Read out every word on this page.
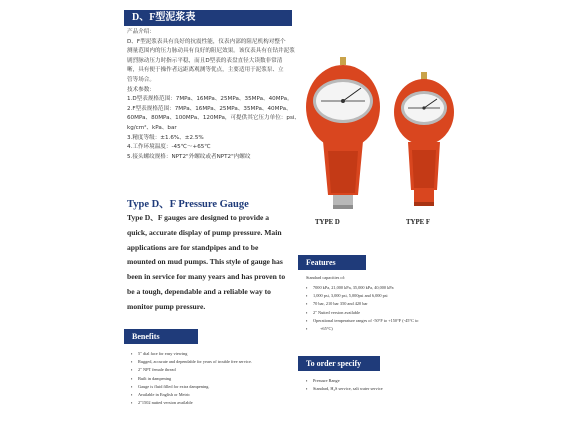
D、F型泥浆表

产品介绍：

D、F型泥浆表具有良好的抗震性能，仪表内部的阻尼机构对整个

测量范围内的压力脉动具有良好的阻尼效果。该仪表具有在钻井泥浆

剧烈脉动压力时指示平稳，而且D型表的表盘直径大读数非常清

晰，具有便于操作者远距离观测等优点，主要适用于泥浆泵、立

管等场合。

技术参数：

1.D型表规格范围：7MPa、16MPa、25MPa、35MPa、40MPa。

2.F型表规格范围：7MPa、16MPa、25MPa、35MPa、40MPa、

60MPa、80MPa、100MPa、120MPa，可提供其它压力单位：psi、

kg/cm²、kPa、bar

3.精度等级：±1.6%、±2.5%

4.工作环境温度：-45℃～+65℃

5.接头螺纹规格：NPT2"外螺纹或者NPT2"内螺纹

Type D、F Pressure Gauge
Type D、F gauges are designed to provide a quick, accurate display of pump pressure. Main applications are for standpipes and to be mounted on mud pumps. This style of gauge has been in service for many years and has proven to be a tough, dependable and a reliable way to monitor pump pressure.
TYPE D	TYPE F
Features
Standard capacities of:
▪ 7000 kPa, 21,000 kPa, 35,000 kPa, 40,000 kPa
▪ 1,000 psi, 3,000 psi, 5,000psi and 6,000 psi
▪ 70 bar, 210 bar 350 and 420 bar
▪ 2" Nutted version available
▪ Operational temperature ranges of -50°F to +150°F (-45°C to
▪ +65°C)
Benefits
▪ 5" dial face for easy viewing
▪ Rugged, accurate and dependable for years of trouble free service.
▪ 2" NPT female thread
▪ Built in dampening
▪ Gauge is fluid filled for extra dampening.
▪ Available in English or Metric
▪ 2"1502 nutted version available
To order specify
▪ Pressure Range
▪ Standard, H₂S service, salt water service
